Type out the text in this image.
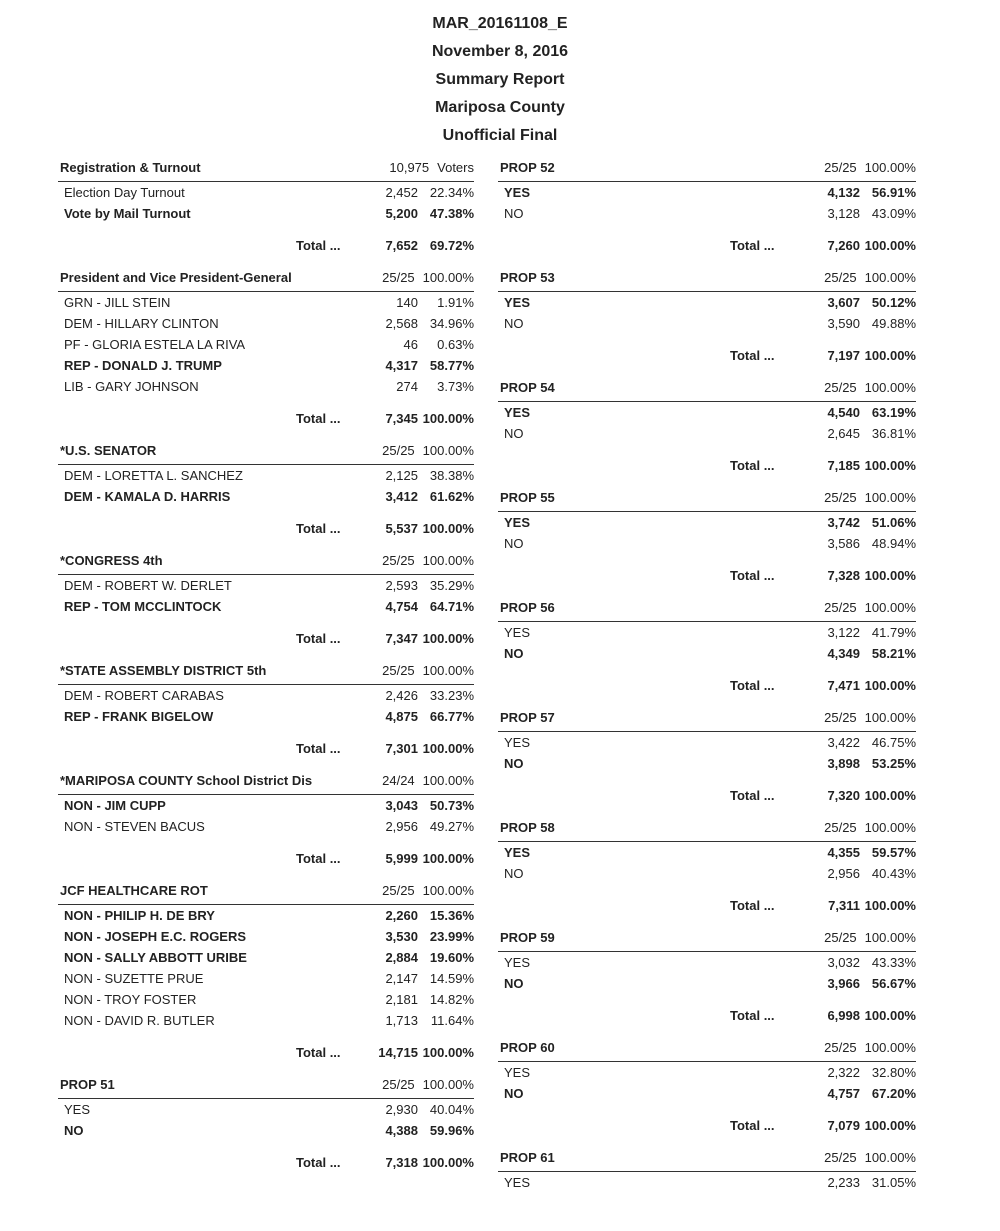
MAR_20161108_E
November 8, 2016
Summary Report
Mariposa County
Unofficial Final
Registration & Turnout	10,975 Voters
Election Day Turnout	2,452 22.34%
Vote by Mail Turnout	5,200 47.38%
Total ...	7,652 69.72%
President and Vice President-General	25/25 100.00%
GRN - JILL STEIN	140	1.91%
DEM - HILLARY CLINTON	2,568 34.96%
PF - GLORIA ESTELA LA RIVA	46	0.63%
REP - DONALD J. TRUMP	4,317 58.77%
LIB - GARY JOHNSON	274	3.73%
Total ...	7,345 100.00%
*U.S. SENATOR	25/25 100.00%
DEM - LORETTA L. SANCHEZ	2,125 38.38%
DEM - KAMALA D. HARRIS	3,412 61.62%
Total ...	5,537 100.00%
*CONGRESS 4th	25/25 100.00%
DEM - ROBERT W. DERLET	2,593 35.29%
REP - TOM MCCLINTOCK	4,754 64.71%
Total ...	7,347 100.00%
*STATE ASSEMBLY DISTRICT 5th	25/25 100.00%
DEM - ROBERT CARABAS	2,426 33.23%
REP - FRANK BIGELOW	4,875 66.77%
Total ...	7,301 100.00%
*MARIPOSA COUNTY School District Dis	24/24 100.00%
NON - JIM CUPP	3,043 50.73%
NON - STEVEN BACUS	2,956 49.27%
Total ...	5,999 100.00%
JCF HEALTHCARE ROT	25/25 100.00%
NON - PHILIP H. DE BRY	2,260 15.36%
NON - JOSEPH E.C. ROGERS	3,530 23.99%
NON - SALLY ABBOTT URIBE	2,884 19.60%
NON - SUZETTE PRUE	2,147 14.59%
NON - TROY FOSTER	2,181 14.82%
NON - DAVID R. BUTLER	1,713 11.64%
Total ...	14,715 100.00%
PROP 51	25/25 100.00%
YES	2,930 40.04%
NO	4,388 59.96%
Total ...	7,318 100.00%
PROP 52	25/25 100.00%
YES	4,132 56.91%
NO	3,128 43.09%
Total ...	7,260 100.00%
PROP 53	25/25 100.00%
YES	3,607 50.12%
NO	3,590 49.88%
Total ...	7,197 100.00%
PROP 54	25/25 100.00%
YES	4,540 63.19%
NO	2,645 36.81%
Total ...	7,185 100.00%
PROP 55	25/25 100.00%
YES	3,742 51.06%
NO	3,586 48.94%
Total ...	7,328 100.00%
PROP 56	25/25 100.00%
YES	3,122 41.79%
NO	4,349 58.21%
Total ...	7,471 100.00%
PROP 57	25/25 100.00%
YES	3,422 46.75%
NO	3,898 53.25%
Total ...	7,320 100.00%
PROP 58	25/25 100.00%
YES	4,355 59.57%
NO	2,956 40.43%
Total ...	7,311 100.00%
PROP 59	25/25 100.00%
YES	3,032 43.33%
NO	3,966 56.67%
Total ...	6,998 100.00%
PROP 60	25/25 100.00%
YES	2,322 32.80%
NO	4,757 67.20%
Total ...	7,079 100.00%
PROP 61	25/25 100.00%
YES	2,233 31.05%
